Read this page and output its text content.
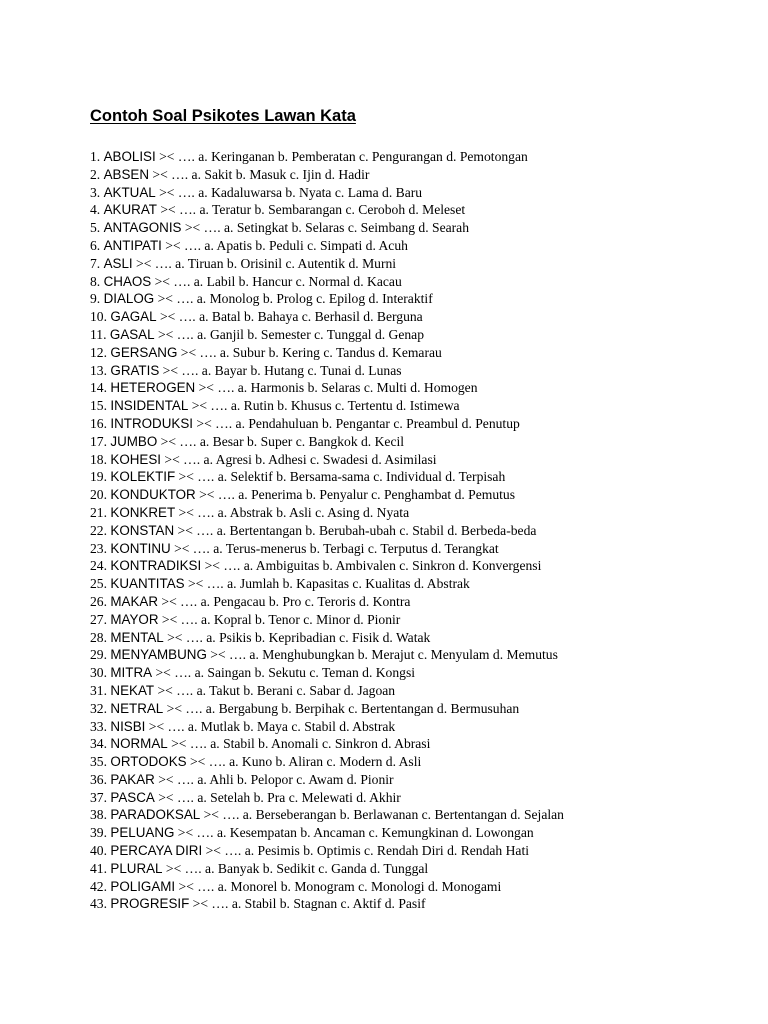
Contoh Soal Psikotes Lawan Kata
1. ABOLISI >< …. a. Keringanan b. Pemberatan c. Pengurangan d. Pemotongan
2. ABSEN >< …. a. Sakit b. Masuk c. Ijin d. Hadir
3. AKTUAL >< …. a. Kadaluwarsa b. Nyata c. Lama d. Baru
4. AKURAT >< …. a. Teratur b. Sembarangan c. Ceroboh d. Meleset
5. ANTAGONIS >< …. a. Setingkat b. Selaras c. Seimbang d. Searah
6. ANTIPATI >< …. a. Apatis b. Peduli c. Simpati d. Acuh
7. ASLI >< …. a. Tiruan b. Orisinil c. Autentik d. Murni
8. CHAOS >< …. a. Labil b. Hancur c. Normal d. Kacau
9. DIALOG >< …. a. Monolog b. Prolog c. Epilog d. Interaktif
10. GAGAL >< …. a. Batal b. Bahaya c. Berhasil d. Berguna
11. GASAL >< …. a. Ganjil b. Semester c. Tunggal d. Genap
12. GERSANG >< …. a. Subur b. Kering c. Tandus d. Kemarau
13. GRATIS >< …. a. Bayar b. Hutang c. Tunai d. Lunas
14. HETEROGEN >< …. a. Harmonis b. Selaras c. Multi d. Homogen
15. INSIDENTAL >< …. a. Rutin b. Khusus c. Tertentu d. Istimewa
16. INTRODUKSI >< …. a. Pendahuluan b. Pengantar c. Preambul d. Penutup
17. JUMBO >< …. a. Besar b. Super c. Bangkok d. Kecil
18. KOHESI >< …. a. Agresi b. Adhesi c. Swadesi d. Asimilasi
19. KOLEKTIF >< …. a. Selektif b. Bersama-sama c. Individual d. Terpisah
20. KONDUKTOR >< …. a. Penerima b. Penyalur c. Penghambat d. Pemutus
21. KONKRET >< …. a. Abstrak b. Asli c. Asing d. Nyata
22. KONSTAN >< …. a. Bertentangan b. Berubah-ubah c. Stabil d. Berbeda-beda
23. KONTINU >< …. a. Terus-menerus b. Terbagi c. Terputus d. Terangkat
24. KONTRADIKSI >< …. a. Ambiguitas b. Ambivalen c. Sinkron d. Konvergensi
25. KUANTITAS >< …. a. Jumlah b. Kapasitas c. Kualitas d. Abstrak
26. MAKAR >< …. a. Pengacau b. Pro c. Teroris d. Kontra
27. MAYOR >< …. a. Kopral b. Tenor c. Minor d. Pionir
28. MENTAL >< …. a. Psikis b. Kepribadian c. Fisik d. Watak
29. MENYAMBUNG >< …. a. Menghubungkan b. Merajut c. Menyulam d. Memutus
30. MITRA >< …. a. Saingan b. Sekutu c. Teman d. Kongsi
31. NEKAT >< …. a. Takut b. Berani c. Sabar d. Jagoan
32. NETRAL >< …. a. Bergabung b. Berpihak c. Bertentangan d. Bermusuhan
33. NISBI >< …. a. Mutlak b. Maya c. Stabil d. Abstrak
34. NORMAL >< …. a. Stabil b. Anomali c. Sinkron d. Abrasi
35. ORTODOKS >< …. a. Kuno b. Aliran c. Modern d. Asli
36. PAKAR >< …. a. Ahli b. Pelopor c. Awam d. Pionir
37. PASCA >< …. a. Setelah b. Pra c. Melewati d. Akhir
38. PARADOKSAL >< …. a. Berseberangan b. Berlawanan c. Bertentangan d. Sejalan
39. PELUANG >< …. a. Kesempatan b. Ancaman c. Kemungkinan d. Lowongan
40. PERCAYA DIRI >< …. a. Pesimis b. Optimis c. Rendah Diri d. Rendah Hati
41. PLURAL >< …. a. Banyak b. Sedikit c. Ganda d. Tunggal
42. POLIGAMI >< …. a. Monorel b. Monogram c. Monologi d. Monogami
43. PROGRESIF >< …. a. Stabil b. Stagnan c. Aktif d. Pasif
